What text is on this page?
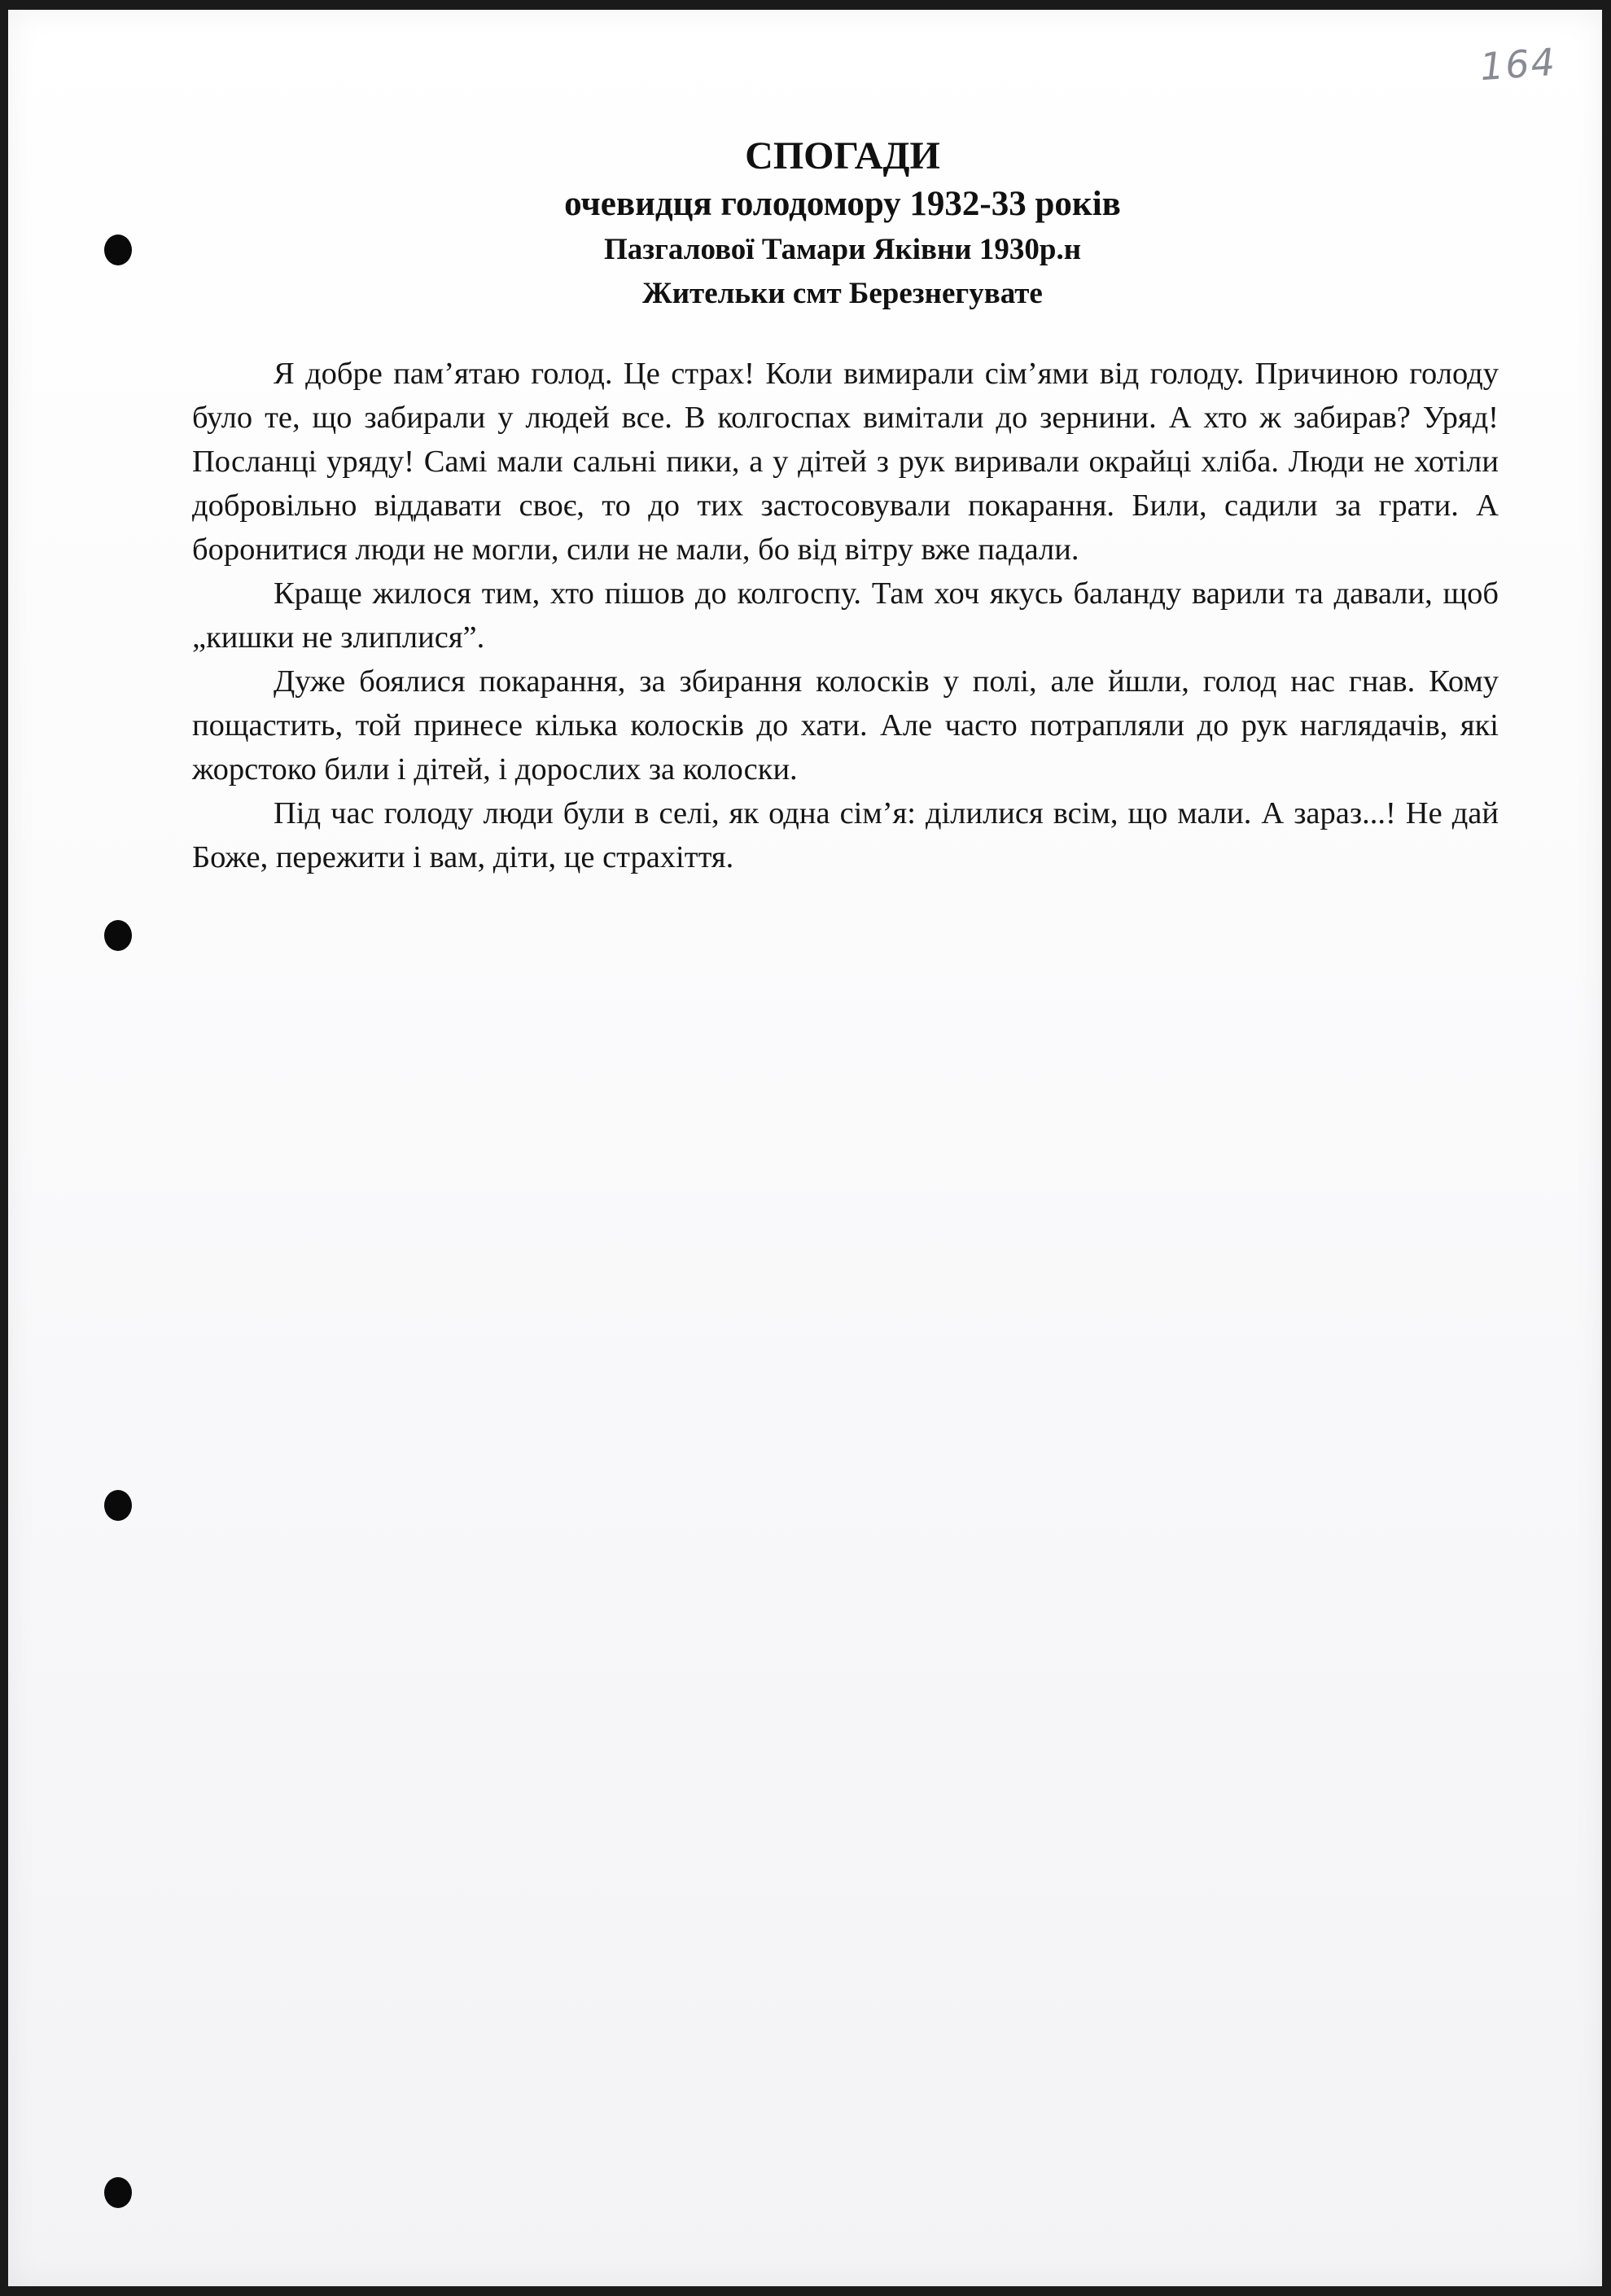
164
СПОГАДИ
очевидця голодомору 1932-33 років
Пазгалової Тамари Яківни 1930р.н
Жительки смт Березнегувате

Я добре пам’ятаю голод. Це страх! Коли вимирали сім’ями від голоду. Причиною голоду було те, що забирали у людей все. В колгоспах вимітали до зернини. А хто ж забирав? Уряд! Посланці уряду! Самі мали сальні пики, а у дітей з рук виривали окрайці хліба. Люди не хотіли добровільно віддавати своє, то до тих застосовували покарання. Били, садили за грати. А боронитися люди не могли, сили не мали, бо від вітру вже падали.

Краще жилося тим, хто пішов до колгоспу. Там хоч якусь баланду варили та давали, щоб „кишки не злиплися”.

Дуже боялися покарання, за збирання колосків у полі, але йшли, голод нас гнав. Кому пощастить, той принесе кілька колосків до хати. Але часто потрапляли до рук наглядачів, які жорстоко били і дітей, і дорослих за колоски.

Під час голоду люди були в селі, як одна сім’я: ділилися всім, що мали. А зараз...! Не дай Боже, пережити і вам, діти, це страхіття.
